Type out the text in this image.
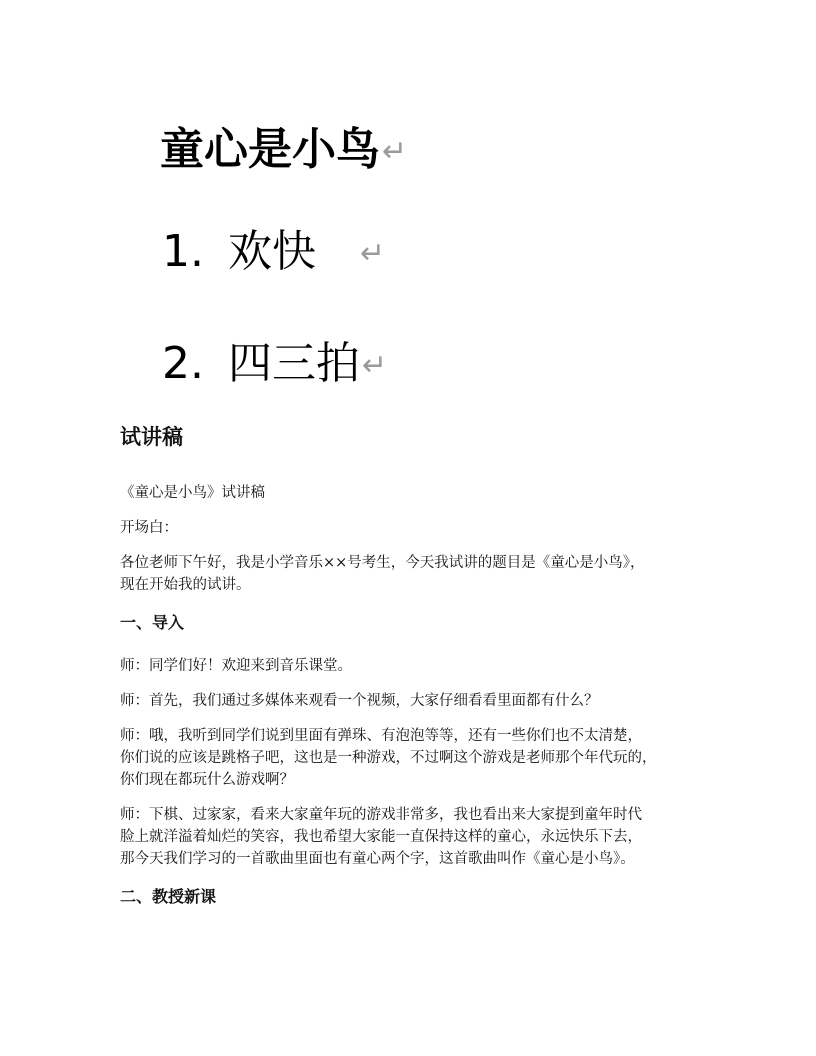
童心是小鸟↵
1. 欢快 ↵
2. 四三拍↵
试讲稿

《童心是小鸟》试讲稿

开场白：

各位老师下午好，我是小学音乐××号考生，今天我试讲的题目是《童心是小鸟》，
现在开始我的试讲。

一、导入

师：同学们好！欢迎来到音乐课堂。

师：首先，我们通过多媒体来观看一个视频，大家仔细看看里面都有什么？

师：哦，我听到同学们说到里面有弹珠、有泡泡等等，还有一些你们也不太清楚，
你们说的应该是跳格子吧，这也是一种游戏，不过啊这个游戏是老师那个年代玩的，
你们现在都玩什么游戏啊？

师：下棋、过家家，看来大家童年玩的游戏非常多，我也看出来大家提到童年时代
脸上就洋溢着灿烂的笑容，我也希望大家能一直保持这样的童心，永远快乐下去，
那今天我们学习的一首歌曲里面也有童心两个字，这首歌曲叫作《童心是小鸟》。

二、教授新课
